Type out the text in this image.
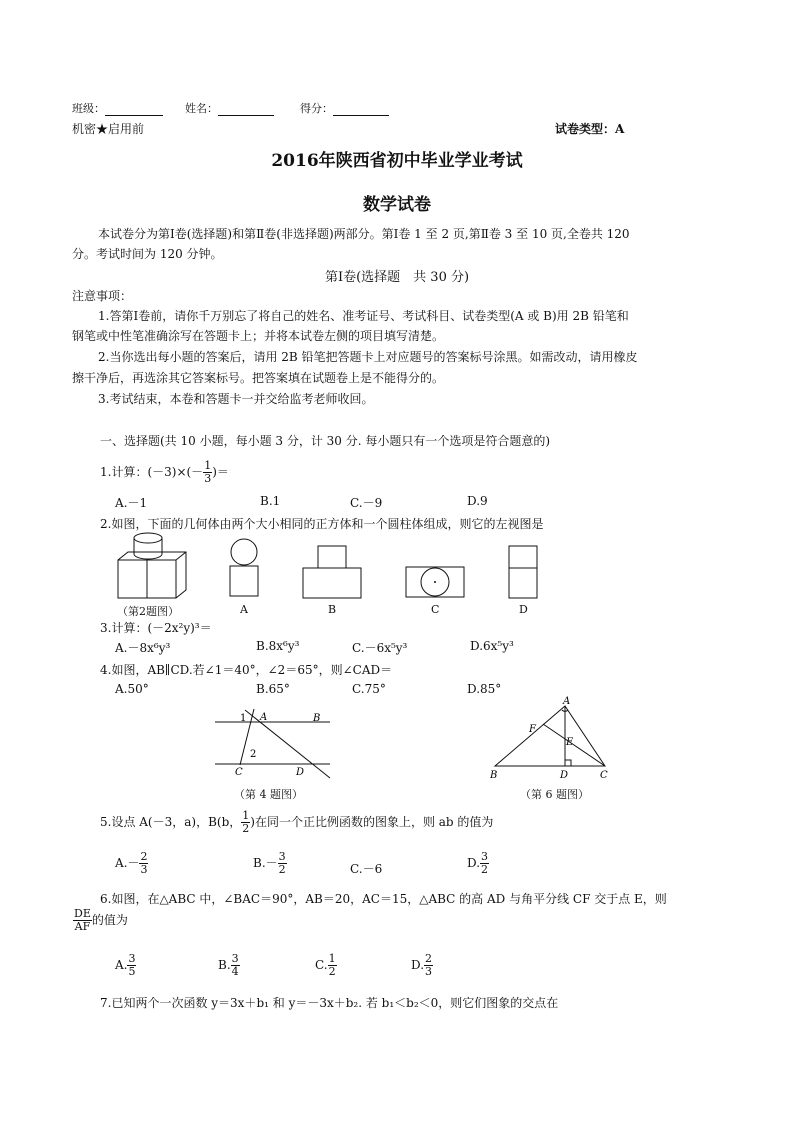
班级：	姓名：	得分：
机密★启用前	试卷类型：A
2016年陕西省初中毕业学业考试
数学试卷
本试卷分为第Ⅰ卷(选择题)和第Ⅱ卷(非选择题)两部分。第Ⅰ卷 1 至 2 页,第Ⅱ卷 3 至 10 页,全卷共 120
分。考试时间为 120 分钟。
第Ⅰ卷(选择题　共 30 分)
注意事项：
1.答第Ⅰ卷前，请你千万别忘了将自己的姓名、准考证号、考试科目、试卷类型(A 或 B)用 2B 铅笔和
钢笔或中性笔准确涂写在答题卡上；并将本试卷左侧的项目填写清楚。
2.当你选出每小题的答案后，请用 2B 铅笔把答题卡上对应题号的答案标号涂黑。如需改动，请用橡皮
擦干净后，再选涂其它答案标号。把答案填在试题卷上是不能得分的。
3.考试结束，本卷和答题卡一并交给监考老师收回。
一、选择题(共 10 小题，每小题 3 分，计 30 分. 每小题只有一个选项是符合题意的)
1.计算：$(-3)\times(- \frac{1}{3}$ )＝
A.－1	B.1	C.－9	D.9
2.如图，下面的几何体由两个大小相同的正方体和一个圆柱体组成，则它的左视图是
（第2题图）	A	B	C	D
3.计算：(－2x²y)³＝
A.－8x⁶y³	B.8x⁶y³	C.－6x⁵y³	D.6x⁵y³
4.如图，AB∥CD.若∠1＝40°，∠2＝65°，则∠CAD＝
A.50°	B.65°	C.75°	D.85°
1 A	B
2
C	D
（第 4 题图）
A
F
E
B	D	C
（第 6 题图）
5.设点 A(－3，a)，B(b， $\frac{1}{2}$ )在同一个正比例函数的图象上，则 ab 的值为
$A.- \frac{2}{3}$	$B.- \frac{3}{2}$	C.－6	D. $\frac{3}{2}$
6.如图，在△ABC 中，∠BAC＝90°，AB＝20，AC＝15，△ABC 的高 AD 与角平分线 CF 交于点 E，则
$\frac{DE}{AF}$ 的值为
A. $\frac{3}{5}$	B. $\frac{3}{4}$	C. $\frac{1}{2}$	D. $\frac{2}{3}$
7.已知两个一次函数 y＝3x＋b₁ 和 y＝－3x＋b₂. 若 b₁＜b₂＜0，则它们图象的交点在
